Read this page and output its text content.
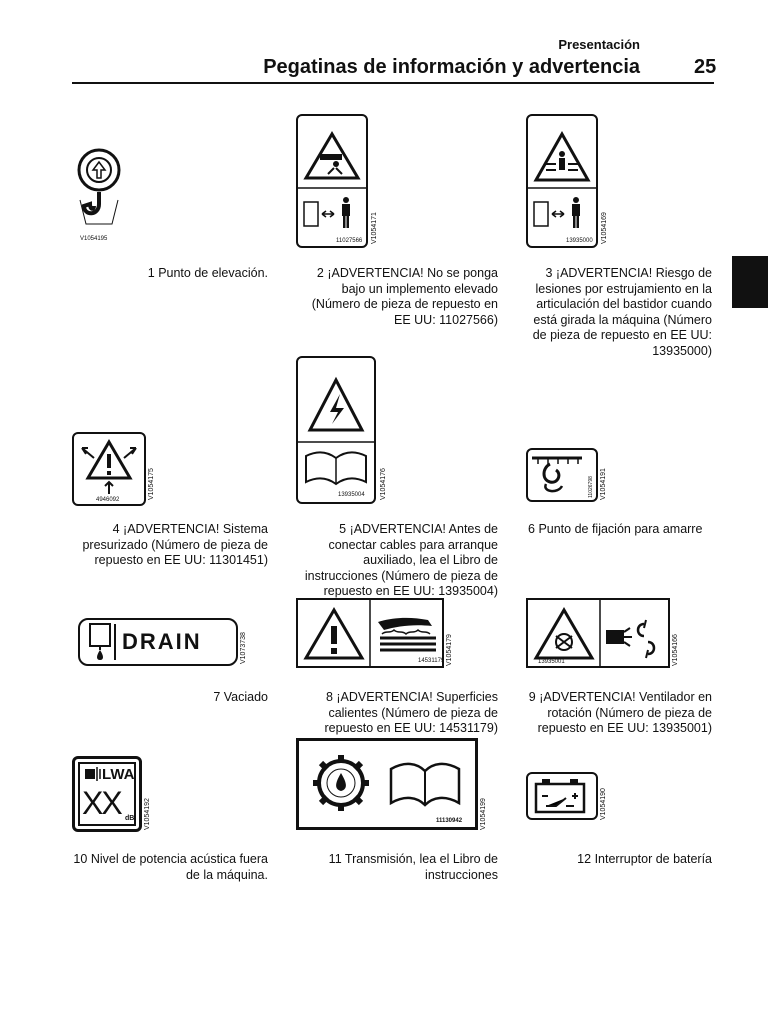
Presentación
Pegatinas de información y advertencia	25
V1054195
1 Punto de elevación.
11027566 V1054171
2 ¡ADVERTENCIA! No se ponga bajo un implemento elevado (Número de pieza de repuesto en EE UU: 11027566)
13935000 V1054169
3 ¡ADVERTENCIA! Riesgo de lesiones por estrujamiento en la articulación del bastidor cuando está girada la máquina (Número de pieza de repuesto en EE UU: 13935000)
4946092	V1054175
4 ¡ADVERTENCIA! Sistema presurizado (Número de pieza de repuesto en EE UU: 11301451)
13935004 V1054176
5 ¡ADVERTENCIA! Antes de conectar cables para arranque auxiliado, lea el Libro de instrucciones (Número de pieza de repuesto en EE UU: 13935004)
11026798 V1054191
6 Punto de fijación para amarre
DRAIN	V1073738
7 Vaciado
14531179 V1054179
8 ¡ADVERTENCIA! Superficies calientes (Número de pieza de repuesto en EE UU: 14531179)
13935001	V1054166
9 ¡ADVERTENCIA! Ventilador en rotación (Número de pieza de repuesto en EE UU: 13935001)
LWA
XX dB V1054192
10 Nivel de potencia acústica fuera de la máquina.
11130942	V1054199
11 Transmisión, lea el Libro de instrucciones
V1054190
12 Interruptor de batería
